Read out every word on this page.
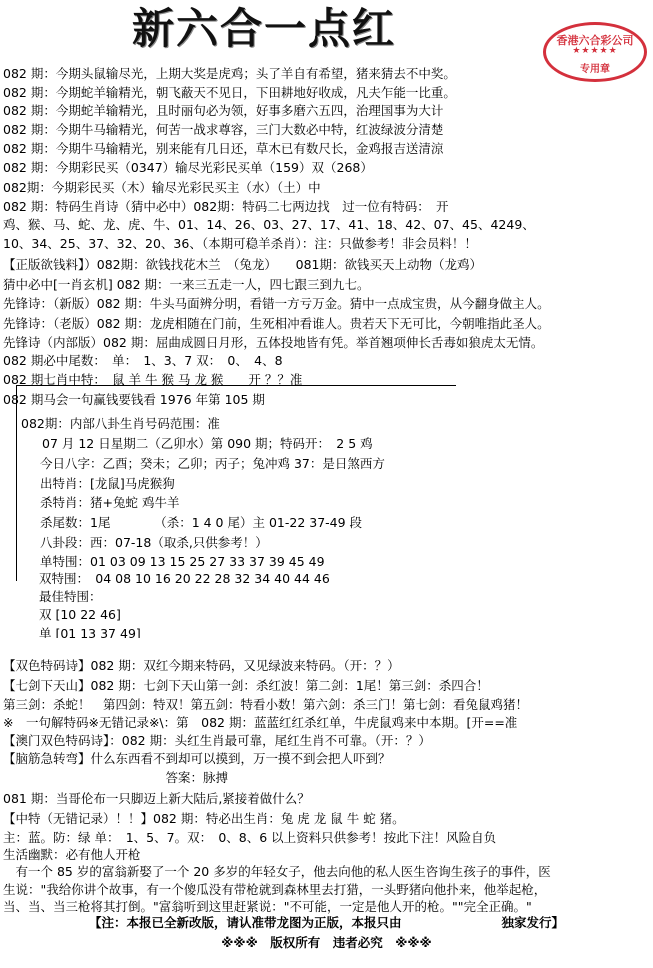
新六合一点红	香港六合彩公司
★★★★★
专用章
082 期：今期头鼠输尽光，上期大奖是虎鸡；头了羊自有希望，猪来猜去不中奖。
082 期：今期蛇羊输精光，朝飞蔽天不见日，下田耕地好收成，凡夫乍能一比重。
082 期：今期蛇羊输精光，且时丽句必为领，好事多磨六五四，治理国事为大计
082 期：今期牛马输精光，何苦一战求尊容，三门大数必中特，红波绿波分清楚
082 期：今期牛马输精光，别来能有几日还，草木已有数尺长，金鸡报吉送清涼
082 期：今期彩民买（0347）输尽光彩民买单（159）双（268）
082期：今期彩民买（木）输尽光彩民买主（水）（土）中
082 期：特码生肖诗（猜中必中）082期：特码二七两边找　过一位有特码：　开
鸡、猴、马、蛇、龙、虎、牛、01、14、26、03、27、17、41、18、42、07、45、4249、
10、34、25、37、32、20、36、（本期可稳羊杀肖）：注：只做参考！非会员料！！
【正版欲钱料】）082期：欲钱找花木兰　（兔龙）　　081期：欲钱买天上动物（龙鸡）
猜中必中[一肖玄机] 082 期：一来三五走一人，四七跟三到九七。
先锋诗：（新版）082 期：牛头马面辨分明，看错一方亏万金。猜中一点成宝贵，从今翻身做主人。
先锋诗：（老版）082 期：龙虎相随在门前，生死相冲看谁人。贵若天下无可比，今朝唯指此圣人。
先锋诗（内部版）082 期：屈曲成圆日月形，五体投地皆有凭。举首翘项伸长舌毒如狼虎太无情。
082 期必中尾数：　单：　1、3、7 双：　0、　4、8
082 期七肖中特：　鼠 羊 牛 猴 马 龙 猴　　开 ？？准
082 期马会一句赢钱要钱看 1976 年第 105 期
082期：内部八卦生肖号码范围：准
07 月 12 日星期二（乙卯水）第 090 期；特码开：　2 5 鸡
今日八字：乙酉；癸未；乙卯；丙子；兔冲鸡 37：是日煞西方
出特肖：[龙鼠]马虎猴狗
杀特肖：猪+兔蛇 鸡牛羊
杀尾数：1尾　　　　（杀：1 4 0 尾）主 01-22 37-49 段
八卦段：西：07-18（取杀,只供参考！）
单特围：01 03 09 13 15 25 27 33 37 39 45 49
双特围：　04 08 10 16 20 22 28 32 34 40 44 46
最佳特围：
双 [10 22 46]
单 [01 13 37 49]
【双色特码诗】082 期：双红今期来特码，又见绿波来特码。（开：？）
【七剑下天山】082 期：七剑下天山第一剑：杀红波！第二剑：1尾！第三剑：杀四合！
第三剑：杀蛇！　第四剑：特双！第五剑：特看小数！第六剑：杀三门！第七剑：看兔鼠鸡猪！
※　一句解特码※无错记录※\：第　082 期：蓝蓝红红杀红单，牛虎鼠鸡来中本期。[开==准
【澳门双色特码诗】：082 期：头红生肖最可靠，尾红生肖不可靠。（开：？）
【脑筋急转弯】什么东西看不到却可以摸到，万一摸不到会把人吓到？
　　　　　　　　　　　　　答案：脉搏
081 期：当哥伦布一只脚迈上新大陆后,紧接着做什么？
【中特（无错记录）！！】082 期：特必出生肖：兔 虎 龙 鼠 牛 蛇 猪。
主：蓝。防：绿 单：　1、5、7。双：　0、8、6 以上资料只供参考！按此下注！风险自负
生活幽默：必有他人开枪
　有一个 85 岁的富翁新娶了一个 20 多岁的年轻女子，他去向他的私人医生咨询生孩子的事件，医
生说："我给你讲个故事，有一个傻瓜没有带枪就到森林里去打猎，一头野猪向他扑来，他举起枪，
当、当、当三枪将其打倒。"富翁听到这里赶紧说："不可能，一定是他人开的枪。""完全正确。"
【注：本报已全新改版，请认准带龙图为正版，本报只由　　　　　　　　独家发行】
※※※　版权所有　违者必究　※※※
